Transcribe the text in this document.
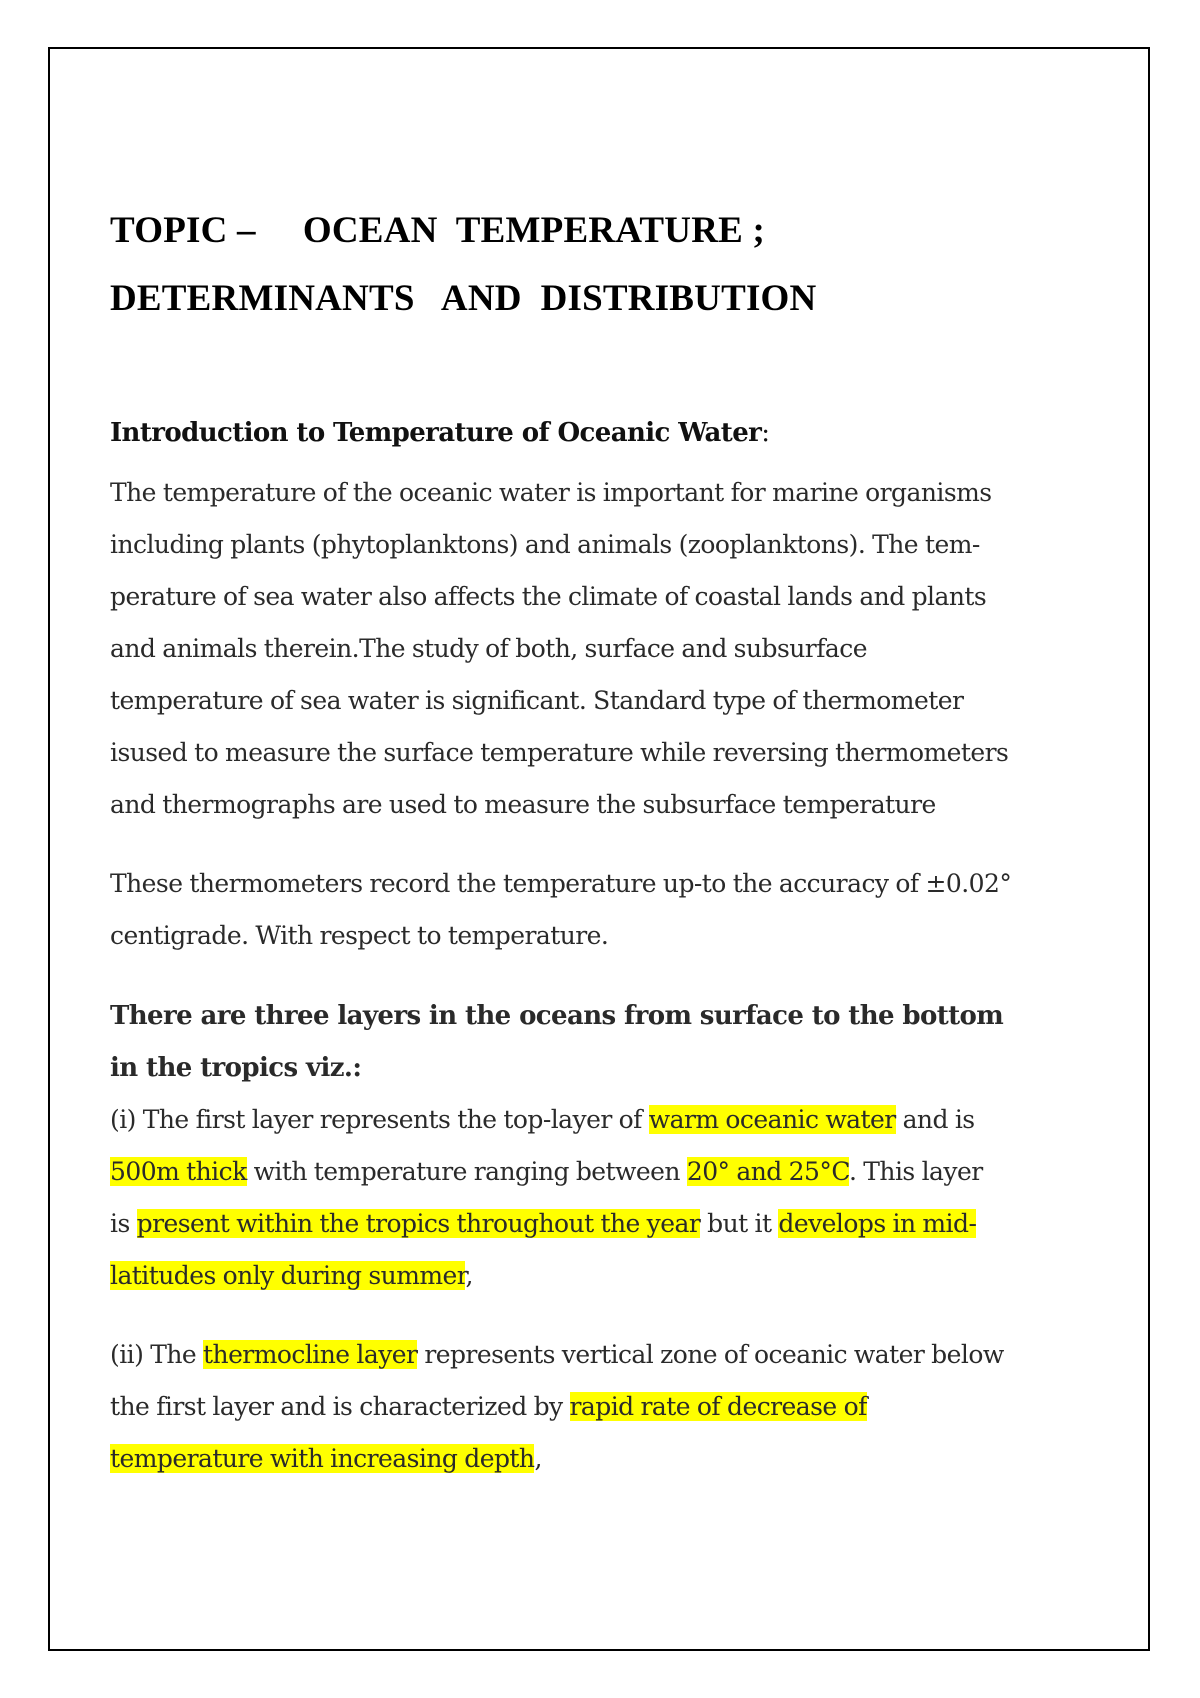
TOPIC –     OCEAN  TEMPERATURE ;

DETERMINANTS   AND  DISTRIBUTION

Introduction to Temperature of Oceanic Water:

The temperature of the oceanic water is important for marine organisms
including plants (phytoplanktons) and animals (zooplanktons). The tem-
perature of sea water also affects the climate of coastal lands and plants
and animals therein.The study of both, surface and subsurface
temperature of sea water is significant. Standard type of thermometer
isused to measure the surface temperature while reversing thermometers
and thermographs are used to measure the subsurface temperature

These thermometers record the temperature up-to the accuracy of ±0.02°
centigrade. With respect to temperature.

There are three layers in the oceans from surface to the bottom
in the tropics viz.:

(i) The first layer represents the top-layer of warm oceanic water and is
500m thick with temperature ranging between 20° and 25°C. This layer
is present within the tropics throughout the year but it develops in mid-
latitudes only during summer,

(ii) The thermocline layer represents vertical zone of oceanic water below
the first layer and is characterized by rapid rate of decrease of
temperature with increasing depth,
